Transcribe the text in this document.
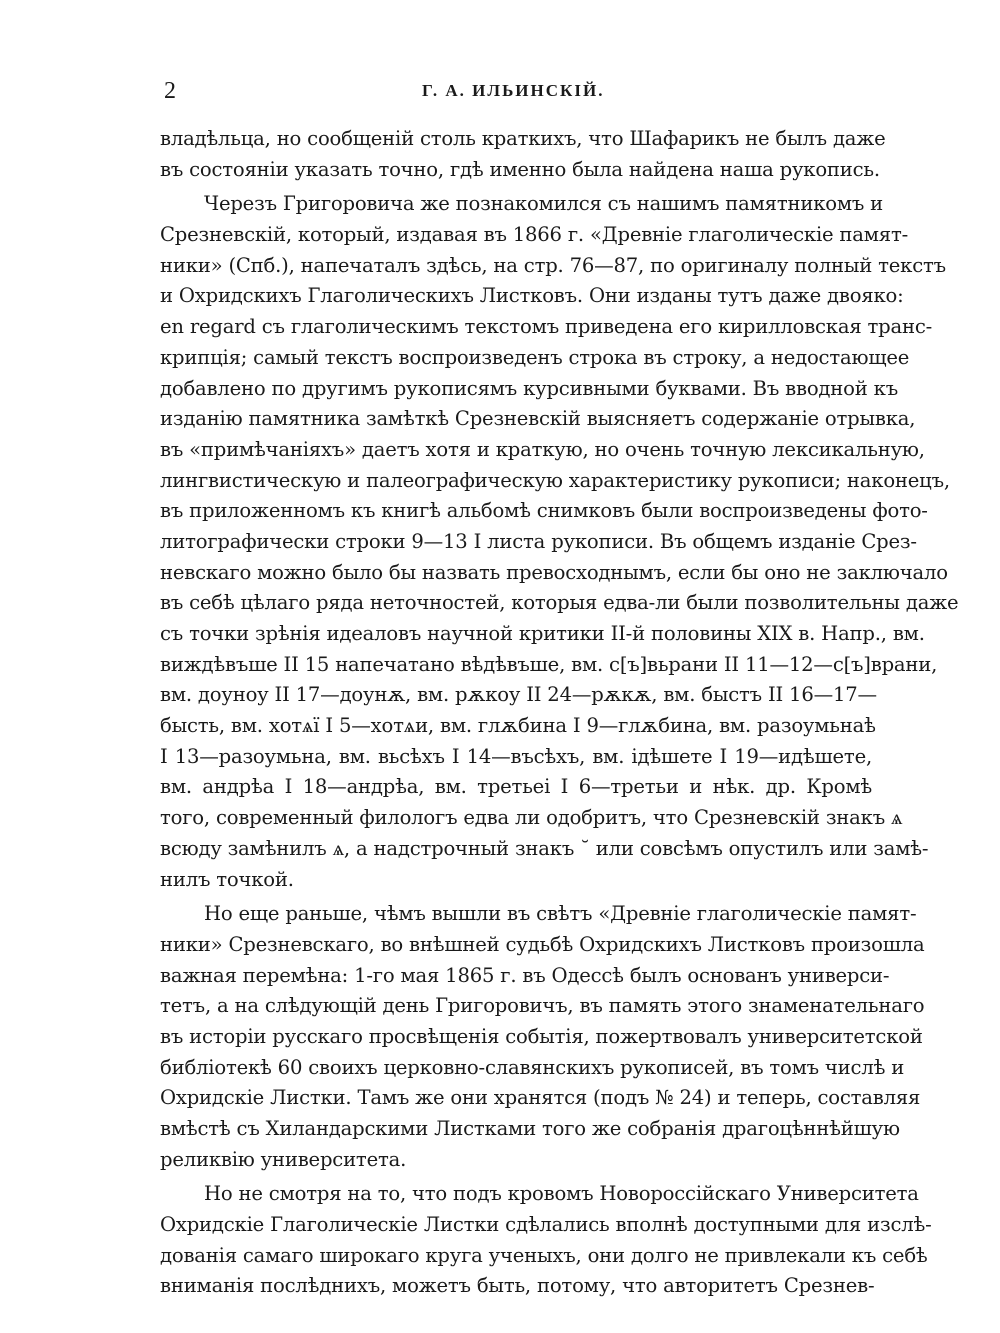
2	Г. А. ИЛЬИНСКІЙ.
владѣльца, но сообщеній столь краткихъ, что Шафарикъ не былъ даже
въ состояніи указать точно, гдѣ именно была найдена наша рукопись.
Черезъ Григоровича же познакомился съ нашимъ памятникомъ и
Срезневскій, который, издавая въ 1866 г. «Древніе глаголическіе памят-
ники» (Спб.), напечаталъ здѣсь, на стр. 76—87, по оригиналу полный текстъ
и Охридскихъ Глаголическихъ Листковъ. Они изданы тутъ даже двояко:
en regard съ глаголическимъ текстомъ приведена его кирилловская транс-
крипція; самый текстъ воспроизведенъ строка въ строку, а недостающее
добавлено по другимъ рукописямъ курсивными буквами. Въ вводной къ
изданію памятника замѣткѣ Срезневскій выясняетъ содержаніе отрывка,
въ «примѣчаніяхъ» даетъ хотя и краткую, но очень точную лексикальную,
лингвистическую и палеографическую характеристику рукописи; наконецъ,
въ приложенномъ къ книгѣ альбомѣ снимковъ были воспроизведены фото-
литографически строки 9—13 I листа рукописи. Въ общемъ изданіе Срез-
невскаго можно было бы назвать превосходнымъ, если бы оно не заключало
въ себѣ цѣлаго ряда неточностей, которыя едва-ли были позволительны даже
съ точки зрѣнія идеаловъ научной критики II-й половины XIX в. Напр., вм.
виждѣвъше II 15 напечатано вѣдѣвъше, вм. с[ъ]вьрани II 11—12—с[ъ]врани,
вм. доуноу II 17—доунѫ, вм. рѫкоу II 24—рѫкѫ, вм. быстъ II 16—17—
бысть, вм. хотѧї I 5—хотѧи, вм. глѫбина I 9—глѫбина, вм. разоумьнаѣ
I 13—разоумьна, вм. вьсѣхъ I 14—въсѣхъ, вм. ідѣшете I 19—идѣшете,
вм. андрѣа I 18—андрѣа, вм. третьеі I 6—третьи и нѣк. др. Кромѣ
того, современный филологъ едва ли одобритъ, что Срезневскій знакъ ѧ
всюду замѣнилъ ѧ, а надстрочный знакъ ˘ или совсѣмъ опустилъ или замѣ-
нилъ точкой.
Но еще раньше, чѣмъ вышли въ свѣтъ «Древніе глаголическіе памят-
ники» Срезневскаго, во внѣшней судьбѣ Охридскихъ Листковъ произошла
важная перемѣна: 1-го мая 1865 г. въ Одессѣ былъ основанъ универси-
тетъ, а на слѣдующій день Григоровичъ, въ память этого знаменательнаго
въ исторіи русскаго просвѣщенія событія, пожертвовалъ университетской
библіотекѣ 60 своихъ церковно-славянскихъ рукописей, въ томъ числѣ и
Охридскіе Листки. Тамъ же они хранятся (подъ № 24) и теперь, составляя
вмѣстѣ съ Хиландарскими Листками того же собранія драгоцѣннѣйшую
реликвію университета.
Но не смотря на то, что подъ кровомъ Новороссійскаго Университета
Охридскіе Глаголическіе Листки сдѣлались вполнѣ доступными для изслѣ-
дованія самаго широкаго круга ученыхъ, они долго не привлекали къ себѣ
вниманія послѣднихъ, можетъ быть, потому, что авторитетъ Срезнев-
